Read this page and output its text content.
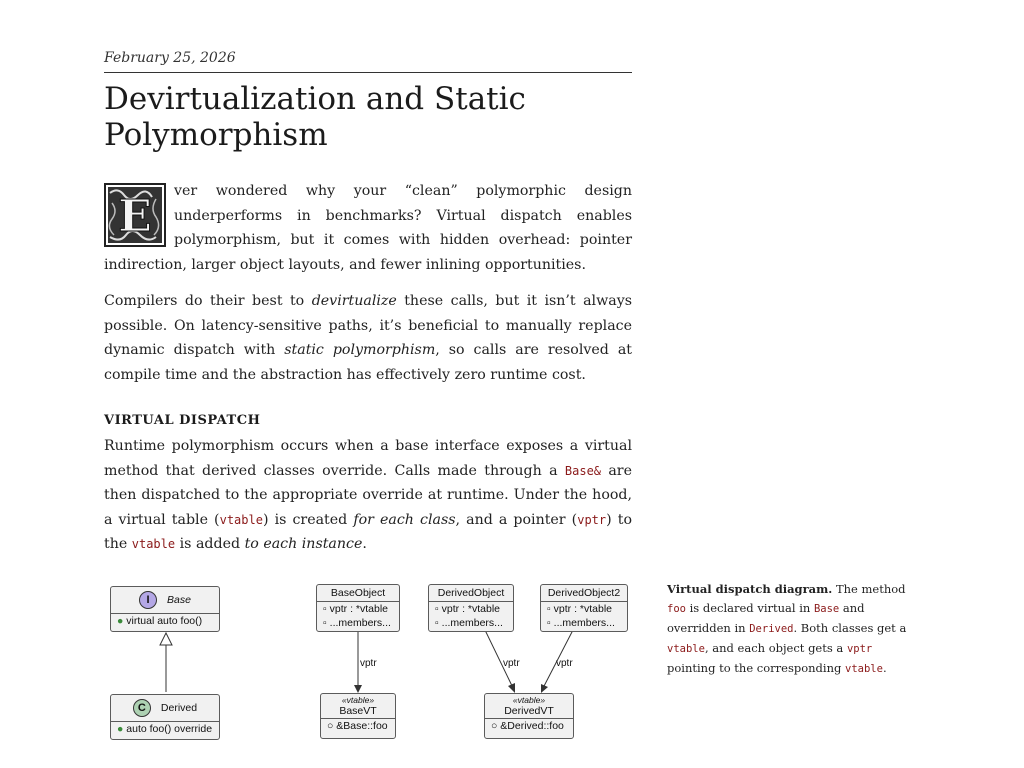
February 25, 2026
Devirtualization and Static Polymorphism

E ver wondered why your “clean” polymorphic design underperforms in benchmarks? Virtual dispatch enables polymorphism, but it comes with hidden overhead: pointer indirection, larger object layouts, and fewer inlining opportunities.

Compilers do their best to devirtualize these calls, but it isn’t always possible. On latency-sensitive paths, it’s beneficial to manually replace dynamic dispatch with static polymorphism, so calls are resolved at compile time and the abstraction has effectively zero runtime cost.

VIRTUAL DISPATCH

Runtime polymorphism occurs when a base interface exposes a virtual method that derived classes override. Calls made through a Base& are then dispatched to the appropriate override at runtime. Under the hood, a virtual table (vtable) is created for each class, and a pointer (vptr) to the vtable is added to each instance.

vptr	vptr	vptr
I	Base
● virtual auto foo()
C	Derived
● auto foo() override
BaseObject
▫ vptr : *vtable
▫ ...members...
DerivedObject
▫ vptr : *vtable
▫ ...members...
DerivedObject2
▫ vptr : *vtable
▫ ...members...
«vtable»
BaseVT
○ &Base::foo
«vtable»
DerivedVT
○ &Derived::foo
Virtual dispatch diagram. The method foo is declared virtual in Base and overridden in Derived. Both classes get a vtable, and each object gets a vptr pointing to the corresponding vtable.
